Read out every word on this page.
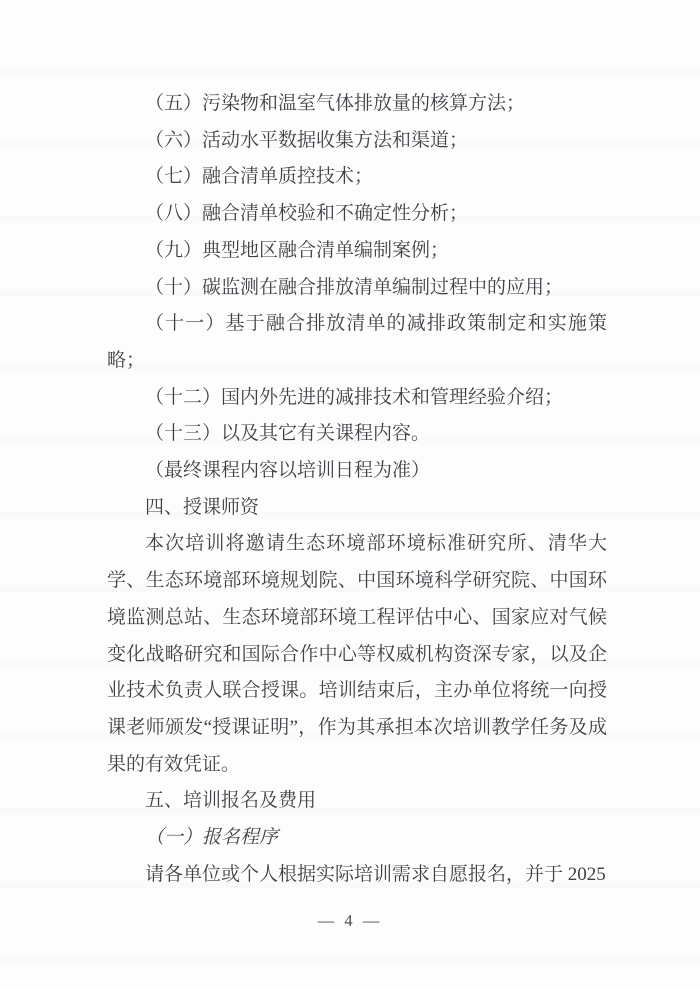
（五）污染物和温室气体排放量的核算方法；

（六）活动水平数据收集方法和渠道；

（七）融合清单质控技术；

（八）融合清单校验和不确定性分析；

（九）典型地区融合清单编制案例；

（十）碳监测在融合排放清单编制过程中的应用；

（十一）基于融合排放清单的减排政策制定和实施策略；

（十二）国内外先进的减排技术和管理经验介绍；

（十三）以及其它有关课程内容。

（最终课程内容以培训日程为准）

四、授课师资

本次培训将邀请生态环境部环境标准研究所、清华大学、生态环境部环境规划院、中国环境科学研究院、中国环境监测总站、生态环境部环境工程评估中心、国家应对气候变化战略研究和国际合作中心等权威机构资深专家，以及企业技术负责人联合授课。培训结束后，主办单位将统一向授课老师颁发“授课证明”，作为其承担本次培训教学任务及成果的有效凭证。

五、培训报名及费用

（一）报名程序

请各单位或个人根据实际培训需求自愿报名，并于 2025

— 4 —
